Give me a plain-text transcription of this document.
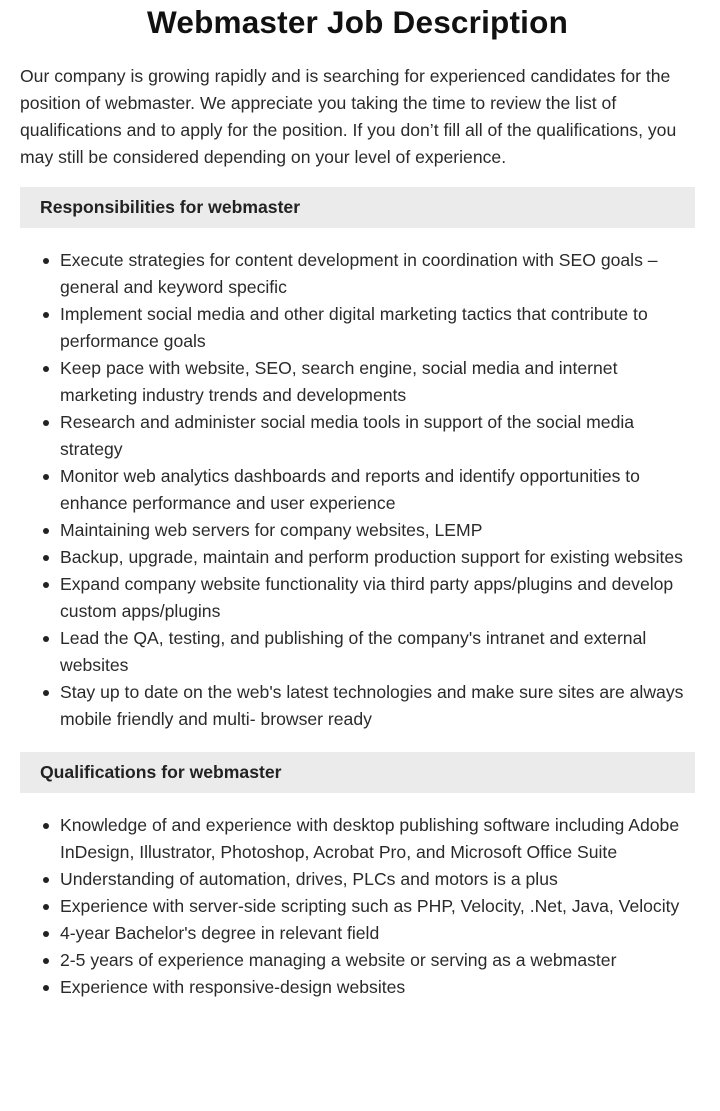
Webmaster Job Description

Our company is growing rapidly and is searching for experienced candidates for the position of webmaster. We appreciate you taking the time to review the list of qualifications and to apply for the position. If you don’t fill all of the qualifications, you may still be considered depending on your level of experience.

Responsibilities for webmaster
Execute strategies for content development in coordination with SEO goals – general and keyword specific
Implement social media and other digital marketing tactics that contribute to performance goals
Keep pace with website, SEO, search engine, social media and internet marketing industry trends and developments
Research and administer social media tools in support of the social media strategy
Monitor web analytics dashboards and reports and identify opportunities to enhance performance and user experience
Maintaining web servers for company websites, LEMP
Backup, upgrade, maintain and perform production support for existing websites
Expand company website functionality via third party apps/plugins and develop custom apps/plugins
Lead the QA, testing, and publishing of the company's intranet and external websites
Stay up to date on the web's latest technologies and make sure sites are always mobile friendly and multi- browser ready
Qualifications for webmaster
Knowledge of and experience with desktop publishing software including Adobe InDesign, Illustrator, Photoshop, Acrobat Pro, and Microsoft Office Suite
Understanding of automation, drives, PLCs and motors is a plus
Experience with server-side scripting such as PHP, Velocity, .Net, Java, Velocity
4-year Bachelor's degree in relevant field
2-5 years of experience managing a website or serving as a webmaster
Experience with responsive-design websites
